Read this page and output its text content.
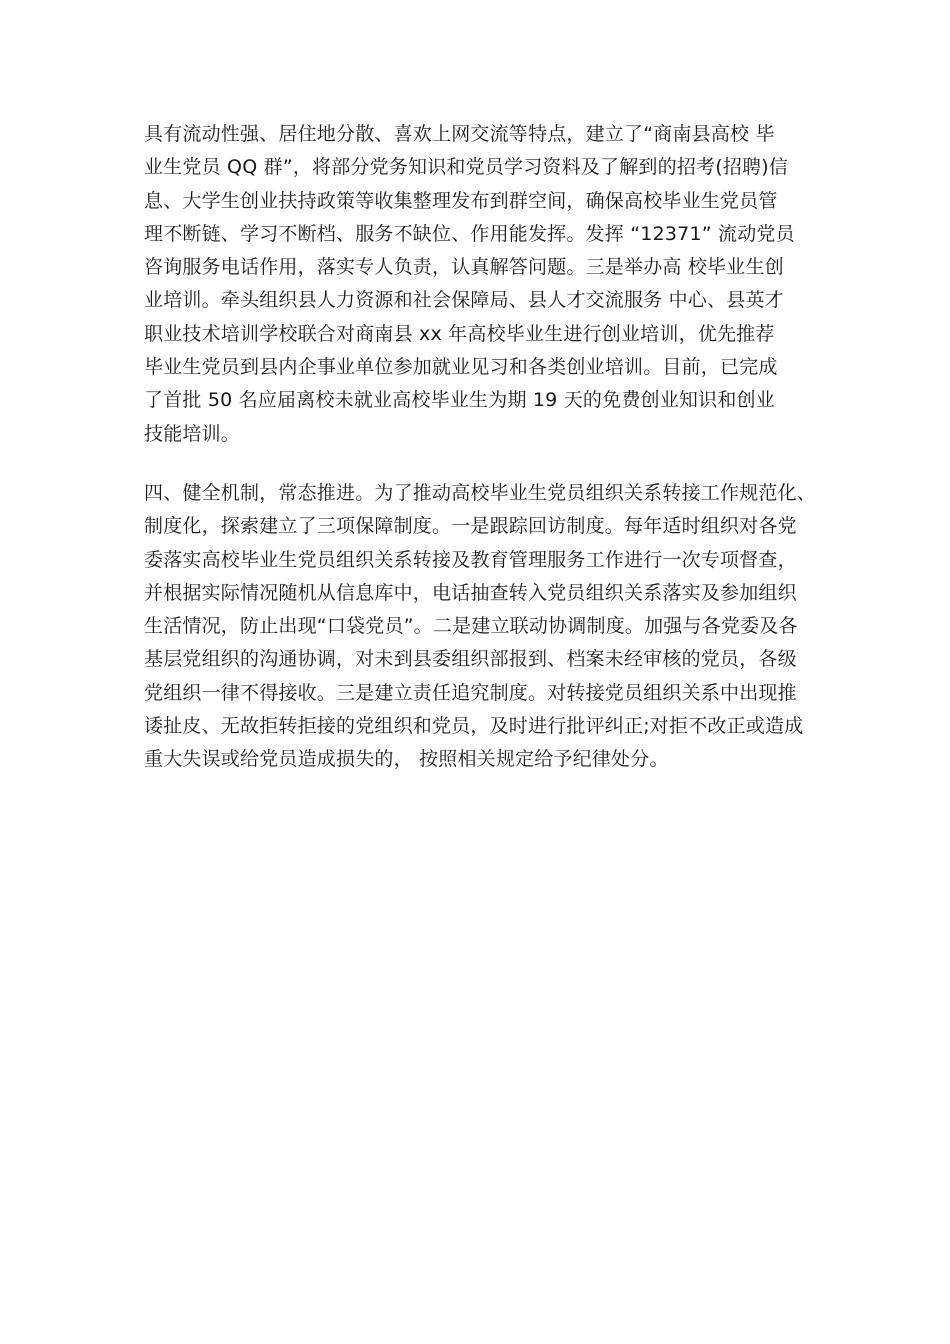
具有流动性强、居住地分散、喜欢上网交流等特点，建立了“商南县高校 毕
业生党员 QQ 群”，将部分党务知识和党员学习资料及了解到的招考(招聘)信
息、大学生创业扶持政策等收集整理发布到群空间，确保高校毕业生党员管
理不断链、学习不断档、服务不缺位、作用能发挥。发挥 “12371” 流动党员
咨询服务电话作用，落实专人负责，认真解答问题。三是举办高 校毕业生创
业培训。牵头组织县人力资源和社会保障局、县人才交流服务 中心、县英才
职业技术培训学校联合对商南县 xx 年高校毕业生进行创业培训，优先推荐
毕业生党员到县内企事业单位参加就业见习和各类创业培训。目前，已完成
了首批 50 名应届离校未就业高校毕业生为期 19 天的免费创业知识和创业
技能培训。

四、健全机制，常态推进。为了推动高校毕业生党员组织关系转接工作规范化、
制度化，探索建立了三项保障制度。一是跟踪回访制度。每年适时组织对各党
委落实高校毕业生党员组织关系转接及教育管理服务工作进行一次专项督查，
并根据实际情况随机从信息库中，电话抽查转入党员组织关系落实及参加组织
生活情况，防止出现“口袋党员”。二是建立联动协调制度。加强与各党委及各
基层党组织的沟通协调，对未到县委组织部报到、档案未经审核的党员，各级
党组织一律不得接收。三是建立责任追究制度。对转接党员组织关系中出现推
诿扯皮、无故拒转拒接的党组织和党员，及时进行批评纠正;对拒不改正或造成
重大失误或给党员造成损失的， 按照相关规定给予纪律处分。
